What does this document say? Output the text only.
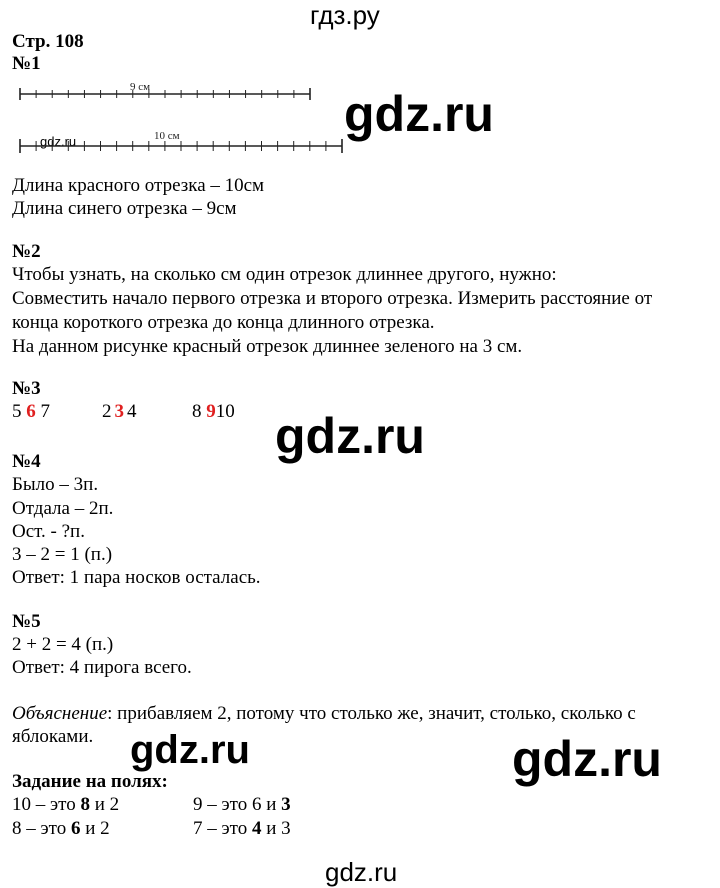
гдз.ру
gdz.ru
gdz.ru
gdz.ru
gdz.ru	gdz.ru
gdz.ru
Стр. 108
№1
9 см
10 см
Длина красного отрезка – 10см
Длина синего отрезка – 9см
№2
Чтобы узнать, на сколько см один отрезок длиннее другого, нужно:
Совместить начало первого отрезка и второго отрезка. Измерить расстояние от
конца короткого отрезка до конца длинного отрезка.
На данном рисунке красный отрезок длиннее зеленого на 3 см.
№3
5 6 7	2 3 4	8 910
№4
Было – 3п.
Отдала – 2п.
Ост. - ?п.
3 – 2 = 1 (п.)
Ответ: 1 пара носков осталась.
№5
2 + 2 = 4 (п.)
Ответ: 4 пирога всего.
Объяснение: прибавляем 2, потому что столько же, значит, столько, сколько с
яблоками.
Задание на полях:
10 – это 8 и 2	9 – это 6 и 3
8 – это 6 и 2	7 – это 4 и 3
